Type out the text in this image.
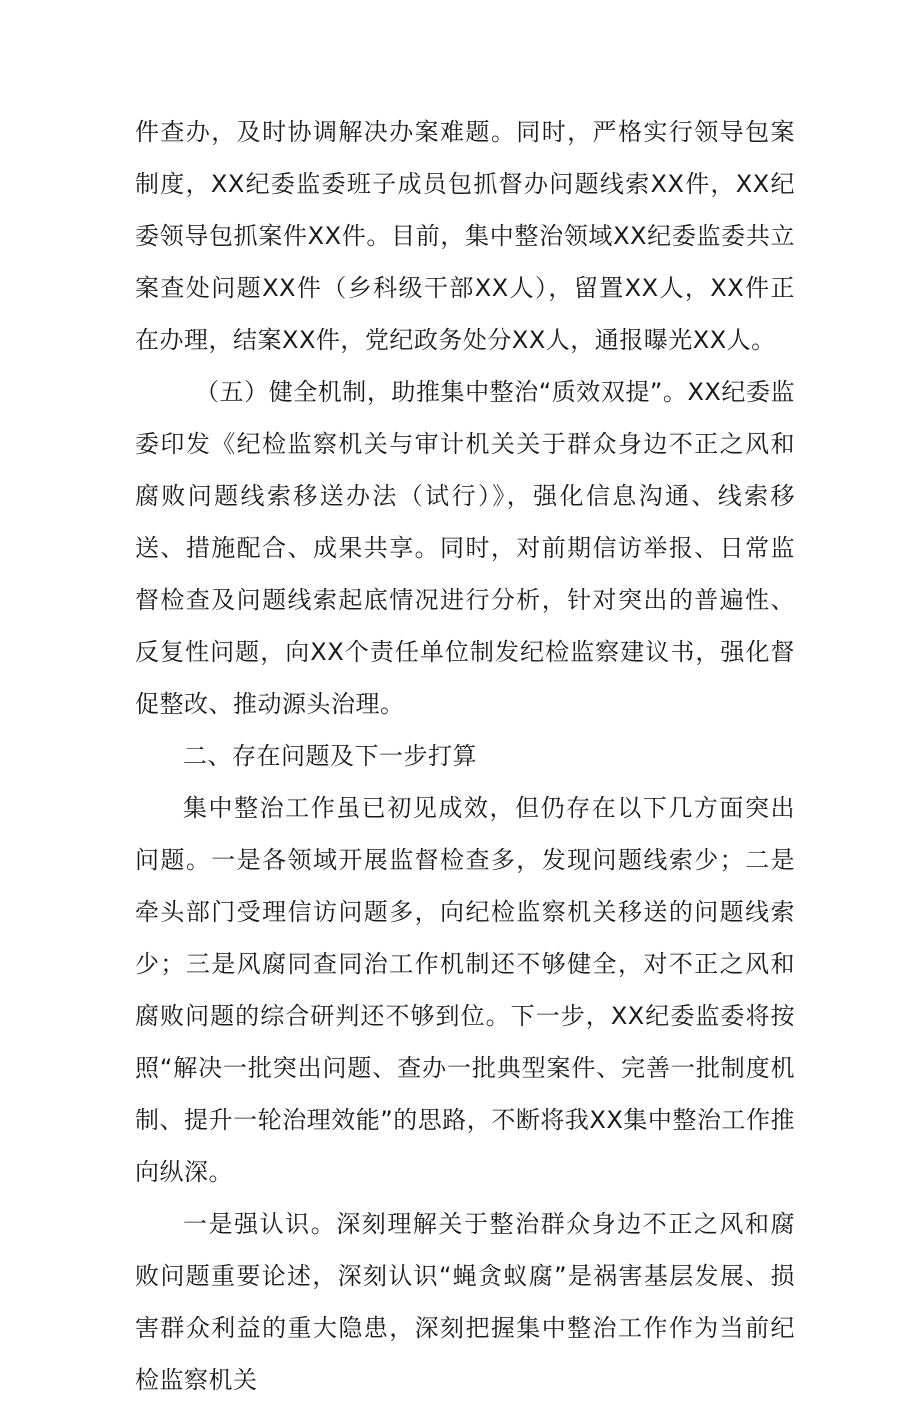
件查办，及时协调解决办案难题。同时，严格实行领导包案制度，XX纪委监委班子成员包抓督办问题线索XX件，XX纪委领导包抓案件XX件。目前，集中整治领域XX纪委监委共立案查处问题XX件（乡科级干部XX人），留置XX人，XX件正在办理，结案XX件，党纪政务处分XX人，通报曝光XX人。

（五）健全机制，助推集中整治“质效双提”。XX纪委监委印发《纪检监察机关与审计机关关于群众身边不正之风和腐败问题线索移送办法（试行）》，强化信息沟通、线索移送、措施配合、成果共享。同时，对前期信访举报、日常监督检查及问题线索起底情况进行分析，针对突出的普遍性、反复性问题，向XX个责任单位制发纪检监察建议书，强化督促整改、推动源头治理。

二、存在问题及下一步打算

集中整治工作虽已初见成效，但仍存在以下几方面突出问题。一是各领域开展监督检查多，发现问题线索少；二是牵头部门受理信访问题多，向纪检监察机关移送的问题线索少；三是风腐同查同治工作机制还不够健全，对不正之风和腐败问题的综合研判还不够到位。下一步，XX纪委监委将按照“解决一批突出问题、查办一批典型案件、完善一批制度机制、提升一轮治理效能”的思路，不断将我XX集中整治工作推向纵深。

一是强认识。深刻理解关于整治群众身边不正之风和腐败问题重要论述，深刻认识“蝇贪蚁腐”是祸害基层发展、损害群众利益的重大隐患，深刻把握集中整治工作作为当前纪检监察机关
